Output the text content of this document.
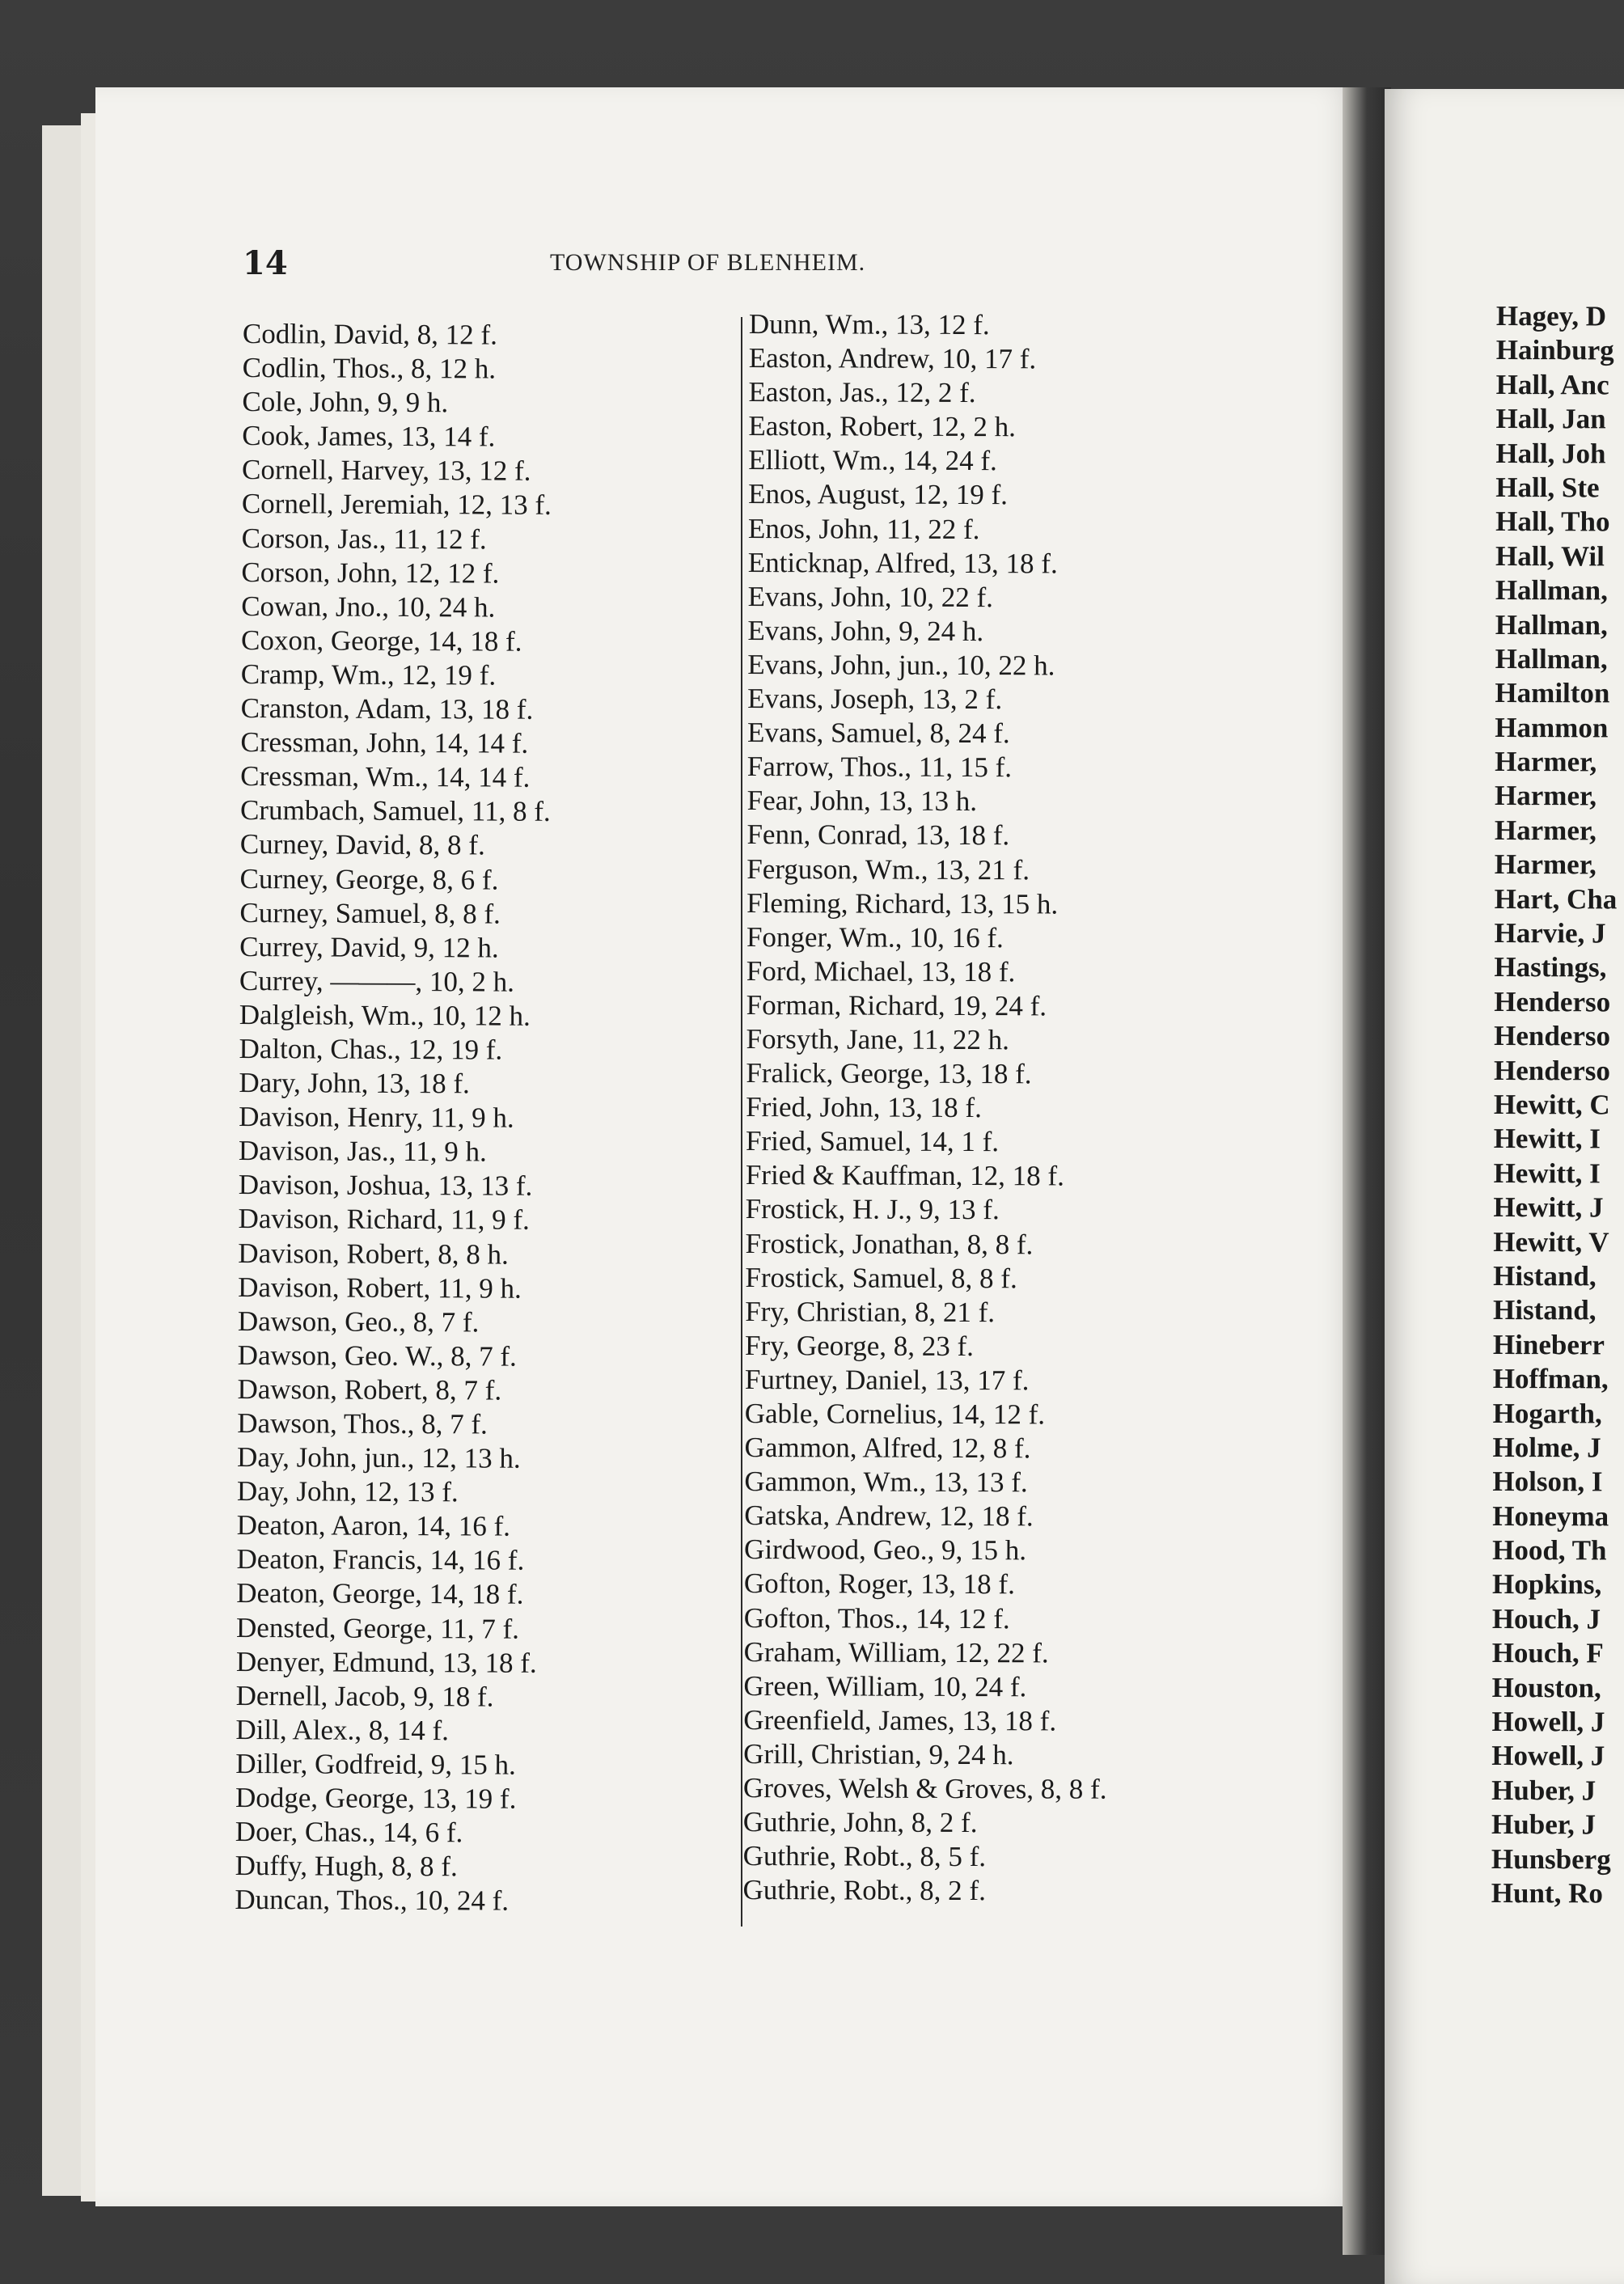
14	TOWNSHIP OF BLENHEIM.
Codlin, David, 8, 12 f.
Codlin, Thos., 8, 12 h.
Cole, John, 9, 9 h.
Cook, James, 13, 14 f.
Cornell, Harvey, 13, 12 f.
Cornell, Jeremiah, 12, 13 f.
Corson, Jas., 11, 12 f.
Corson, John, 12, 12 f.
Cowan, Jno., 10, 24 h.
Coxon, George, 14, 18 f.
Cramp, Wm., 12, 19 f.
Cranston, Adam, 13, 18 f.
Cressman, John, 14, 14 f.
Cressman, Wm., 14, 14 f.
Crumbach, Samuel, 11, 8 f.
Curney, David, 8, 8 f.
Curney, George, 8, 6 f.
Curney, Samuel, 8, 8 f.
Currey, David, 9, 12 h.
Currey, ———, 10, 2 h.
Dalgleish, Wm., 10, 12 h.
Dalton, Chas., 12, 19 f.
Dary, John, 13, 18 f.
Davison, Henry, 11, 9 h.
Davison, Jas., 11, 9 h.
Davison, Joshua, 13, 13 f.
Davison, Richard, 11, 9 f.
Davison, Robert, 8, 8 h.
Davison, Robert, 11, 9 h.
Dawson, Geo., 8, 7 f.
Dawson, Geo. W., 8, 7 f.
Dawson, Robert, 8, 7 f.
Dawson, Thos., 8, 7 f.
Day, John, jun., 12, 13 h.
Day, John, 12, 13 f.
Deaton, Aaron, 14, 16 f.
Deaton, Francis, 14, 16 f.
Deaton, George, 14, 18 f.
Densted, George, 11, 7 f.
Denyer, Edmund, 13, 18 f.
Dernell, Jacob, 9, 18 f.
Dill, Alex., 8, 14 f.
Diller, Godfreid, 9, 15 h.
Dodge, George, 13, 19 f.
Doer, Chas., 14, 6 f.
Duffy, Hugh, 8, 8 f.
Duncan, Thos., 10, 24 f.
Dunn, Wm., 13, 12 f.
Easton, Andrew, 10, 17 f.
Easton, Jas., 12, 2 f.
Easton, Robert, 12, 2 h.
Elliott, Wm., 14, 24 f.
Enos, August, 12, 19 f.
Enos, John, 11, 22 f.
Enticknap, Alfred, 13, 18 f.
Evans, John, 10, 22 f.
Evans, John, 9, 24 h.
Evans, John, jun., 10, 22 h.
Evans, Joseph, 13, 2 f.
Evans, Samuel, 8, 24 f.
Farrow, Thos., 11, 15 f.
Fear, John, 13, 13 h.
Fenn, Conrad, 13, 18 f.
Ferguson, Wm., 13, 21 f.
Fleming, Richard, 13, 15 h.
Fonger, Wm., 10, 16 f.
Ford, Michael, 13, 18 f.
Forman, Richard, 19, 24 f.
Forsyth, Jane, 11, 22 h.
Fralick, George, 13, 18 f.
Fried, John, 13, 18 f.
Fried, Samuel, 14, 1 f.
Fried & Kauffman, 12, 18 f.
Frostick, H. J., 9, 13 f.
Frostick, Jonathan, 8, 8 f.
Frostick, Samuel, 8, 8 f.
Fry, Christian, 8, 21 f.
Fry, George, 8, 23 f.
Furtney, Daniel, 13, 17 f.
Gable, Cornelius, 14, 12 f.
Gammon, Alfred, 12, 8 f.
Gammon, Wm., 13, 13 f.
Gatska, Andrew, 12, 18 f.
Girdwood, Geo., 9, 15 h.
Gofton, Roger, 13, 18 f.
Gofton, Thos., 14, 12 f.
Graham, William, 12, 22 f.
Green, William, 10, 24 f.
Greenfield, James, 13, 18 f.
Grill, Christian, 9, 24 h.
Groves, Welsh & Groves, 8, 8 f.
Guthrie, John, 8, 2 f.
Guthrie, Robt., 8, 5 f.
Guthrie, Robt., 8, 2 f.
Hagey, D
Hainburg
Hall, Anc
Hall, Jan
Hall, Joh
Hall, Ste
Hall, Tho
Hall, Wil
Hallman,
Hallman,
Hallman,
Hamilton
Hammon
Harmer,
Harmer,
Harmer,
Harmer,
Hart, Cha
Harvie, J
Hastings,
Henderso
Henderso
Henderso
Hewitt, C
Hewitt, I
Hewitt, I
Hewitt, J
Hewitt, V
Histand,
Histand,
Hineberr
Hoffman,
Hogarth,
Holme, J
Holson, I
Honeyma
Hood, Th
Hopkins,
Houch, J
Houch, F
Houston,
Howell, J
Howell, J
Huber, J
Huber, J
Hunsberg
Hunt, Ro
